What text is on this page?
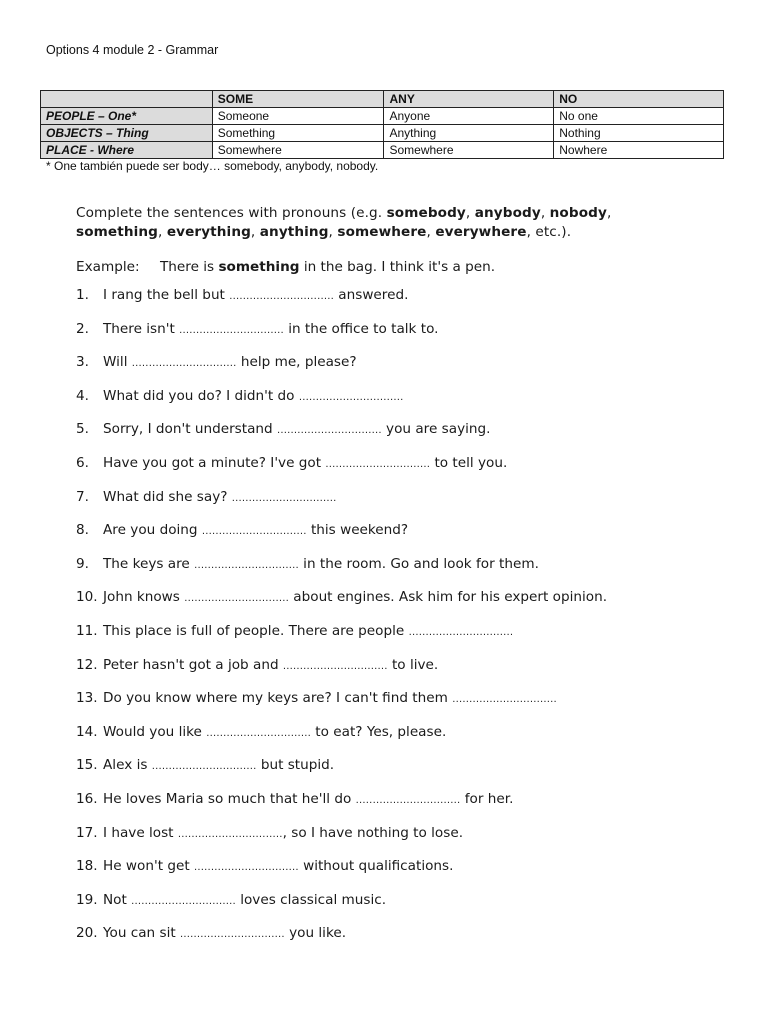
Options 4 module 2 - Grammar
	SOME	ANY	NO
PEOPLE – One*	Someone	Anyone	No one
OBJECTS – Thing	Something	Anything	Nothing
PLACE - Where	Somewhere	Somewhere	Nowhere
* One también puede ser body… somebody, anybody, nobody.
Complete the sentences with pronouns (e.g. somebody, anybody, nobody, something, everything, anything, somewhere, everywhere, etc.).
Example: There is something in the bag. I think it's a pen.
1. I rang the bell but ............................... answered.
2. There isn't ............................... in the office to talk to.
3. Will ............................... help me, please?
4. What did you do? I didn't do ...............................
5. Sorry, I don't understand ............................... you are saying.
6. Have you got a minute? I've got ............................... to tell you.
7. What did she say? ...............................
8. Are you doing ............................... this weekend?
9. The keys are ............................... in the room. Go and look for them.
10. John knows ............................... about engines. Ask him for his expert opinion.
11. This place is full of people. There are people ...............................
12. Peter hasn't got a job and ............................... to live.
13. Do you know where my keys are? I can't find them ...............................
14. Would you like ............................... to eat? Yes, please.
15. Alex is ............................... but stupid.
16. He loves Maria so much that he'll do ............................... for her.
17. I have lost ..............................., so I have nothing to lose.
18. He won't get ............................... without qualifications.
19. Not ............................... loves classical music.
20. You can sit ............................... you like.
